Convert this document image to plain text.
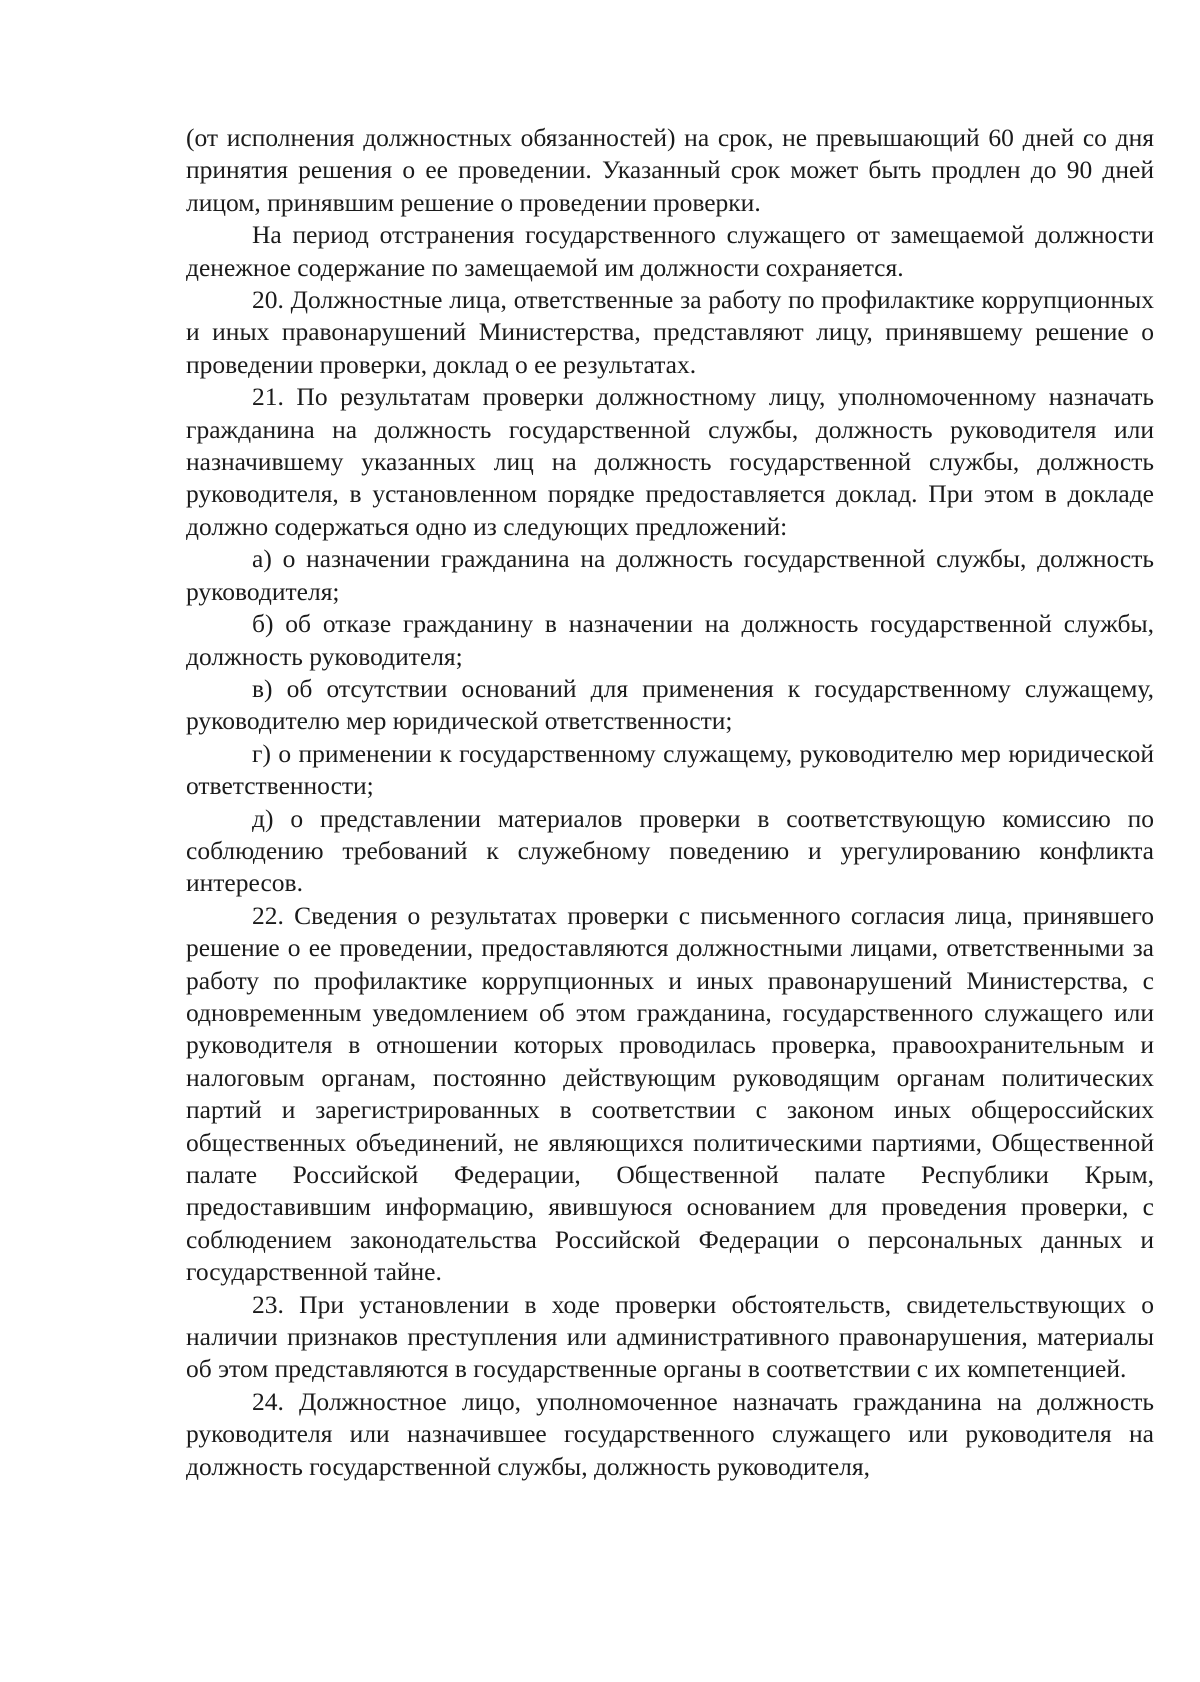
(от исполнения должностных обязанностей) на срок, не превышающий 60 дней со дня принятия решения о ее проведении. Указанный срок может быть продлен до 90 дней лицом, принявшим решение о проведении проверки.

На период отстранения государственного служащего от замещаемой должности денежное содержание по замещаемой им должности сохраняется.

20. Должностные лица, ответственные за работу по профилактике коррупционных и иных правонарушений Министерства, представляют лицу, принявшему решение о проведении проверки, доклад о ее результатах.

21. По результатам проверки должностному лицу, уполномоченному назначать гражданина на должность государственной службы, должность руководителя или назначившему указанных лиц на должность государственной службы, должность руководителя, в установленном порядке предоставляется доклад. При этом в докладе должно содержаться одно из следующих предложений:

а) о назначении гражданина на должность государственной службы, должность руководителя;

б) об отказе гражданину в назначении на должность государственной службы, должность руководителя;

в) об отсутствии оснований для применения к государственному служащему, руководителю мер юридической ответственности;

г) о применении к государственному служащему, руководителю мер юридической ответственности;

д) о представлении материалов проверки в соответствующую комиссию по соблюдению требований к служебному поведению и урегулированию конфликта интересов.

22. Сведения о результатах проверки с письменного согласия лица, принявшего решение о ее проведении, предоставляются должностными лицами, ответственными за работу по профилактике коррупционных и иных правонарушений Министерства, с одновременным уведомлением об этом гражданина, государственного служащего или руководителя в отношении которых проводилась проверка, правоохранительным и налоговым органам, постоянно действующим руководящим органам политических партий и зарегистрированных в соответствии с законом иных общероссийских общественных объединений, не являющихся политическими партиями, Общественной палате Российской Федерации, Общественной палате Республики Крым, предоставившим информацию, явившуюся основанием для проведения проверки, с соблюдением законодательства Российской Федерации о персональных данных и государственной тайне.

23. При установлении в ходе проверки обстоятельств, свидетельствующих о наличии признаков преступления или административного правонарушения, материалы об этом представляются в государственные органы в соответствии с их компетенцией.

24. Должностное лицо, уполномоченное назначать гражданина на должность руководителя или назначившее государственного служащего или руководителя на должность государственной службы, должность руководителя,
